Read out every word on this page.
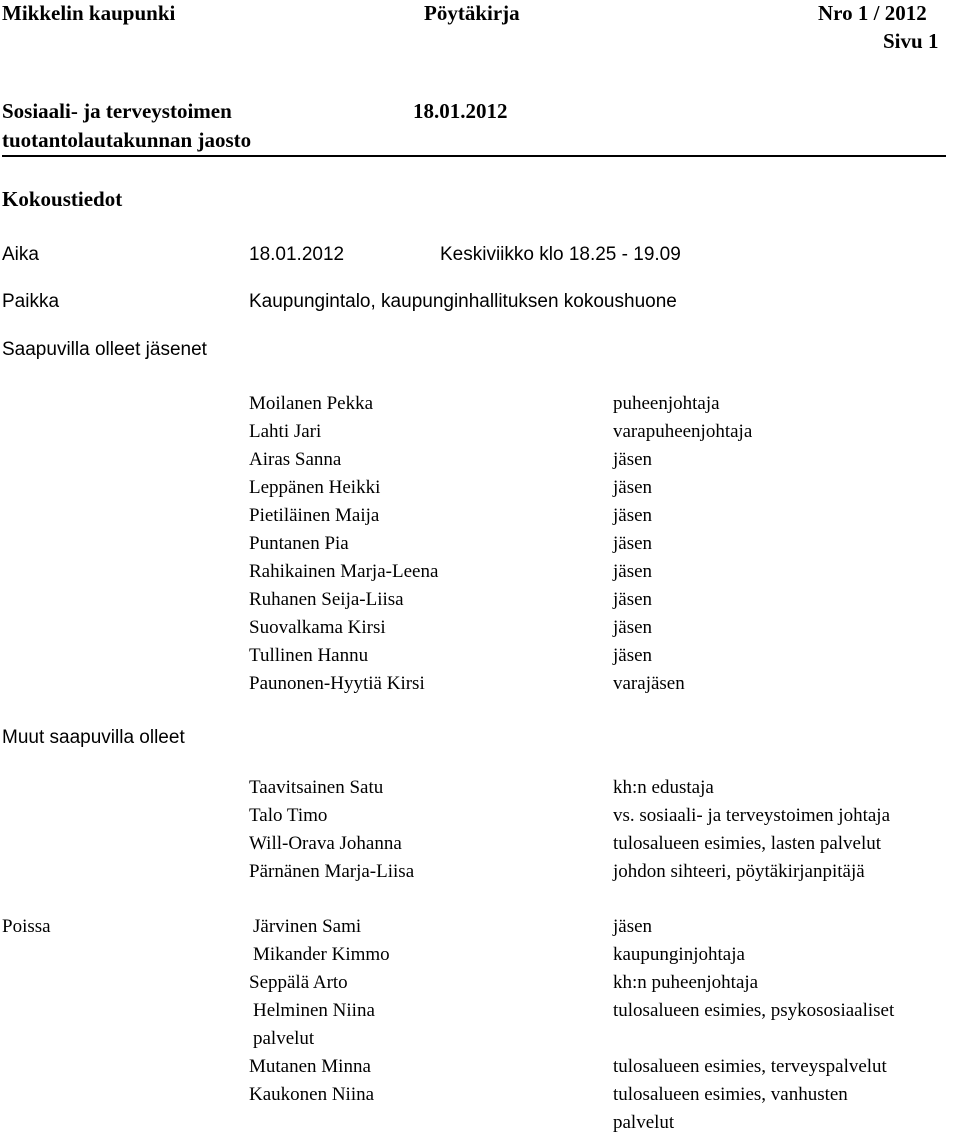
Mikkelin kaupunki	Pöytäkirja	Nro 1 / 2012
Sivu 1
Sosiaali- ja terveystoimen	18.01.2012
tuotantolautakunnan jaosto
Kokoustiedot
Aika	18.01.2012	Keskiviikko klo 18.25 - 19.09
Paikka	Kaupungintalo, kaupunginhallituksen kokoushuone
Saapuvilla olleet jäsenet
Moilanen Pekka	puheenjohtaja
Lahti Jari	varapuheenjohtaja
Airas Sanna	jäsen
Leppänen Heikki	jäsen
Pietiläinen Maija	jäsen
Puntanen Pia	jäsen
Rahikainen Marja-Leena	jäsen
Ruhanen Seija-Liisa	jäsen
Suovalkama Kirsi	jäsen
Tullinen Hannu	jäsen
Paunonen-Hyytiä Kirsi	varajäsen
Muut saapuvilla olleet
Taavitsainen Satu	kh:n edustaja
Talo Timo	vs. sosiaali- ja terveystoimen johtaja
Will-Orava Johanna	tulosalueen esimies, lasten palvelut
Pärnänen Marja-Liisa	johdon sihteeri, pöytäkirjanpitäjä
Poissa	Järvinen Sami	jäsen
Mikander Kimmo	kaupunginjohtaja
Seppälä Arto	kh:n puheenjohtaja
Helminen Niina	tulosalueen esimies, psykososiaaliset
palvelut
Mutanen Minna	tulosalueen esimies, terveyspalvelut
Kaukonen Niina	tulosalueen esimies, vanhusten
palvelut
